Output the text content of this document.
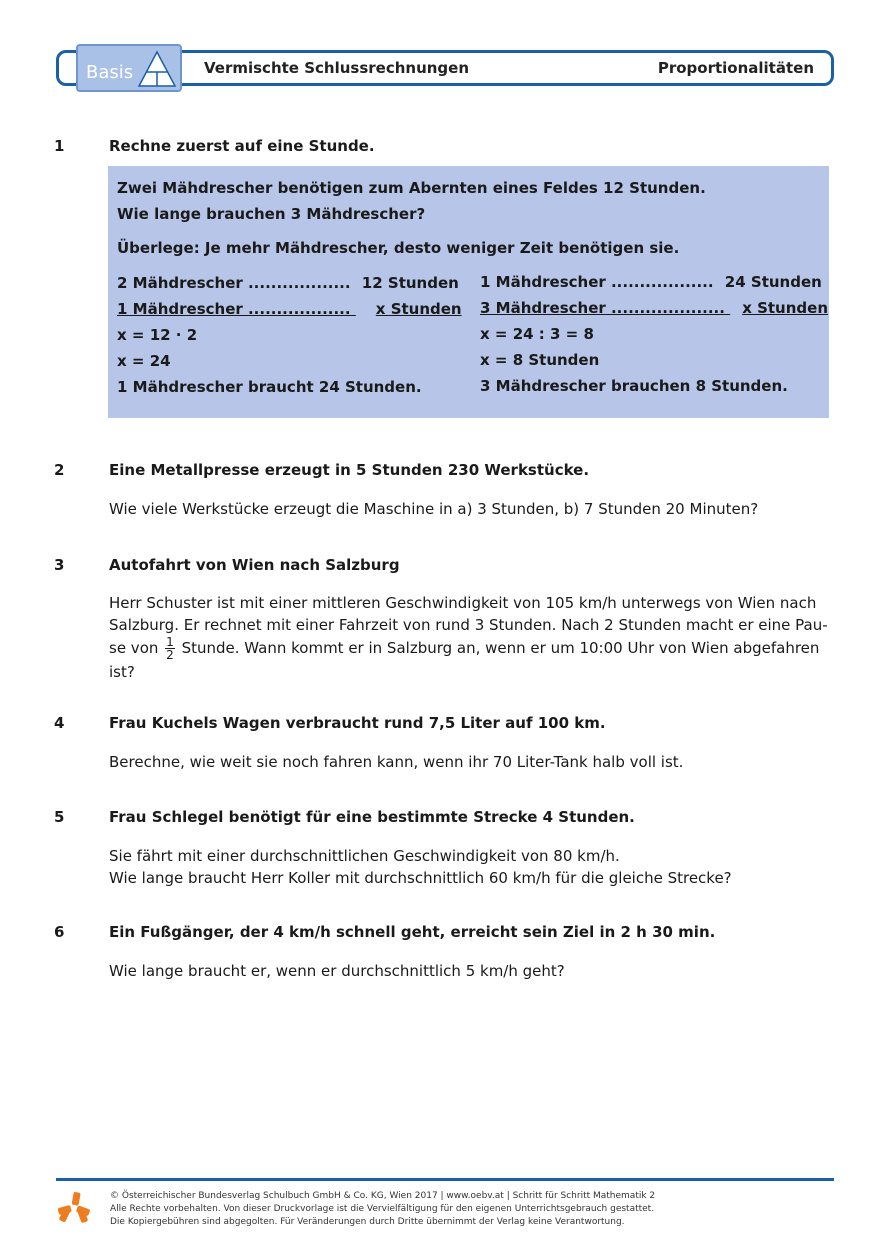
Basis	Vermischte Schlussrechnungen	Proportionalitäten
1	Rechne zuerst auf eine Stunde.
Zwei Mähdrescher benötigen zum Abernten eines Feldes 12 Stunden.
Wie lange brauchen 3 Mähdrescher?
Überlege: Je mehr Mähdrescher, desto weniger Zeit benötigen sie.
2 Mähdrescher .................. 12 Stunden
1 Mähdrescher .................. x Stunden
x = 12 · 2
x = 24
1 Mähdrescher braucht 24 Stunden.
1 Mähdrescher .................. 24 Stunden
3 Mähdrescher .................... x Stunden
x = 24 : 3 = 8
x = 8 Stunden
3 Mähdrescher brauchen 8 Stunden.
2	Eine Metallpresse erzeugt in 5 Stunden 230 Werkstücke.
Wie viele Werkstücke erzeugt die Maschine in a) 3 Stunden, b) 7 Stunden 20 Minuten?
3	Autofahrt von Wien nach Salzburg
Herr Schuster ist mit einer mittleren Geschwindigkeit von 105 km/h unterwegs von Wien nach
Salzburg. Er rechnet mit einer Fahrzeit von rund 3 Stunden. Nach 2 Stunden macht er eine Pau-
se von $\frac{1}{2}$ Stunde. Wann kommt er in Salzburg an, wenn er um 10:00 Uhr von Wien abgefahren
ist?
4	Frau Kuchels Wagen verbraucht rund 7,5 Liter auf 100 km.
Berechne, wie weit sie noch fahren kann, wenn ihr 70 Liter-Tank halb voll ist.
5	Frau Schlegel benötigt für eine bestimmte Strecke 4 Stunden.
Sie fährt mit einer durchschnittlichen Geschwindigkeit von 80 km/h.
Wie lange braucht Herr Koller mit durchschnittlich 60 km/h für die gleiche Strecke?
6	Ein Fußgänger, der 4 km/h schnell geht, erreicht sein Ziel in 2 h 30 min.
Wie lange braucht er, wenn er durchschnittlich 5 km/h geht?
© Österreichischer Bundesverlag Schulbuch GmbH & Co. KG, Wien 2017 | www.oebv.at | Schritt für Schritt Mathematik 2
Alle Rechte vorbehalten. Von dieser Druckvorlage ist die Vervielfältigung für den eigenen Unterrichtsgebrauch gestattet.
Die Kopiergebühren sind abgegolten. Für Veränderungen durch Dritte übernimmt der Verlag keine Verantwortung.
